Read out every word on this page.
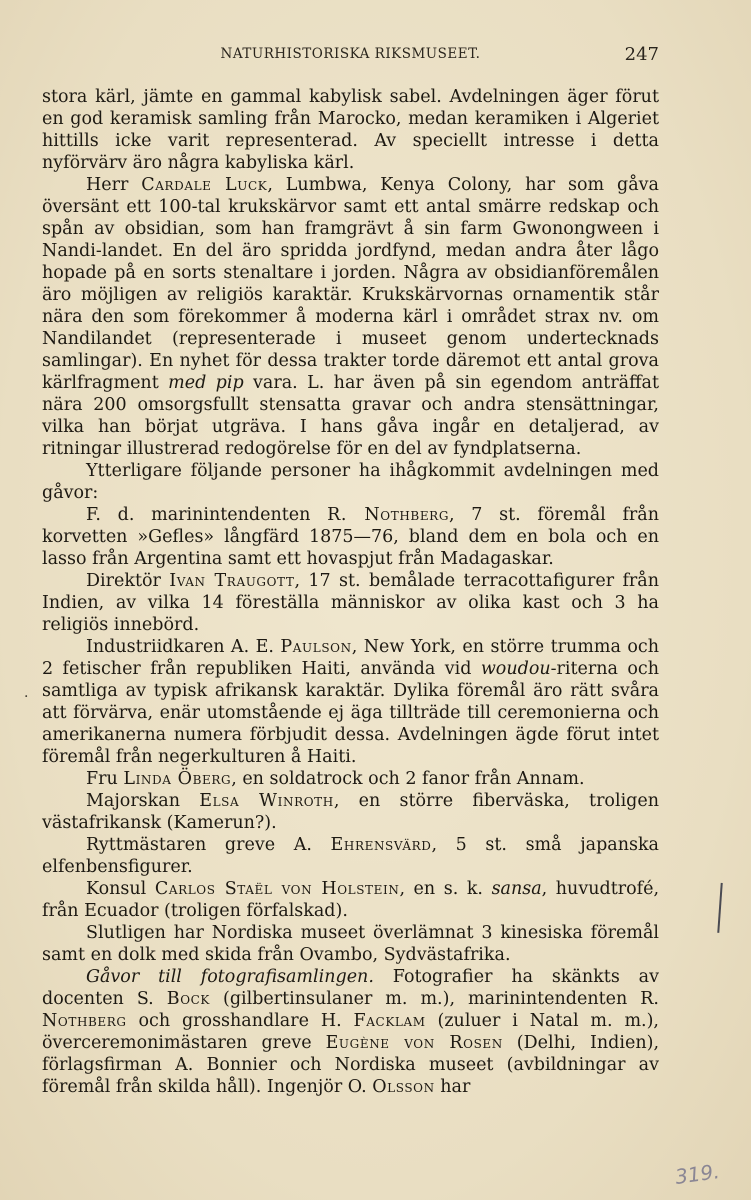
NATURHISTORISKA RIKSMUSEET.	247

stora kärl, jämte en gammal kabylisk sabel. Avdelningen äger förut en god keramisk samling från Marocko, medan keramiken i Algeriet hittills icke varit representerad. Av speciellt intresse i detta nyförvärv äro några kabyliska kärl.

Herr Cardale Luck, Lumbwa, Kenya Colony, har som gåva översänt ett 100-tal krukskärvor samt ett antal smärre redskap och spån av obsidian, som han framgrävt å sin farm Gwonongween i Nandi-landet. En del äro spridda jordfynd, medan andra åter lågo hopade på en sorts stenaltare i jorden. Några av obsidianföremålen äro möjligen av religiös karaktär. Krukskärvornas ornamentik står nära den som förekommer å moderna kärl i området strax nv. om Nandilandet (representerade i museet genom undertecknads samlingar). En nyhet för dessa trakter torde däremot ett antal grova kärlfragment med pip vara. L. har även på sin egendom anträffat nära 200 omsorgsfullt stensatta gravar och andra stensättningar, vilka han börjat utgräva. I hans gåva ingår en detaljerad, av ritningar illustrerad redogörelse för en del av fyndplatserna.

Ytterligare följande personer ha ihågkommit avdelningen med gåvor:

F. d. marinintendenten R. Nothberg, 7 st. föremål från korvetten »Gefles» långfärd 1875—76, bland dem en bola och en lasso från Argentina samt ett hovaspjut från Madagaskar.

Direktör Ivan Traugott, 17 st. bemålade terracottafigurer från Indien, av vilka 14 föreställa människor av olika kast och 3 ha religiös innebörd.

Industriidkaren A. E. Paulson, New York, en större trumma och 2 fetischer från republiken Haiti, använda vid woudou-riterna och samtliga av typisk afrikansk karaktär. Dylika föremål äro rätt svåra att förvärva, enär utomstående ej äga tillträde till ceremonierna och amerikanerna numera förbjudit dessa. Avdelningen ägde förut intet föremål från negerkulturen å Haiti.

Fru Linda Öberg, en soldatrock och 2 fanor från Annam.

Majorskan Elsa Winroth, en större fiberväska, troligen västafrikansk (Kamerun?).

Ryttmästaren greve A. Ehrensvärd, 5 st. små japanska elfenbensfigurer.

Konsul Carlos Staël von Holstein, en s. k. sansa, huvudtrofé, från Ecuador (troligen förfalskad).

Slutligen har Nordiska museet överlämnat 3 kinesiska föremål samt en dolk med skida från Ovambo, Sydvästafrika.

Gåvor till fotografisamlingen. Fotografier ha skänkts av docenten S. Bock (gilbertinsulaner m. m.), marinintendenten R. Nothberg och grosshandlare H. Facklam (zuluer i Natal m. m.), överceremonimästaren greve Eugène von Rosen (Delhi, Indien), förlagsfirman A. Bonnier och Nordiska museet (avbildningar av föremål från skilda håll). Ingenjör O. Olsson har

·
319.
